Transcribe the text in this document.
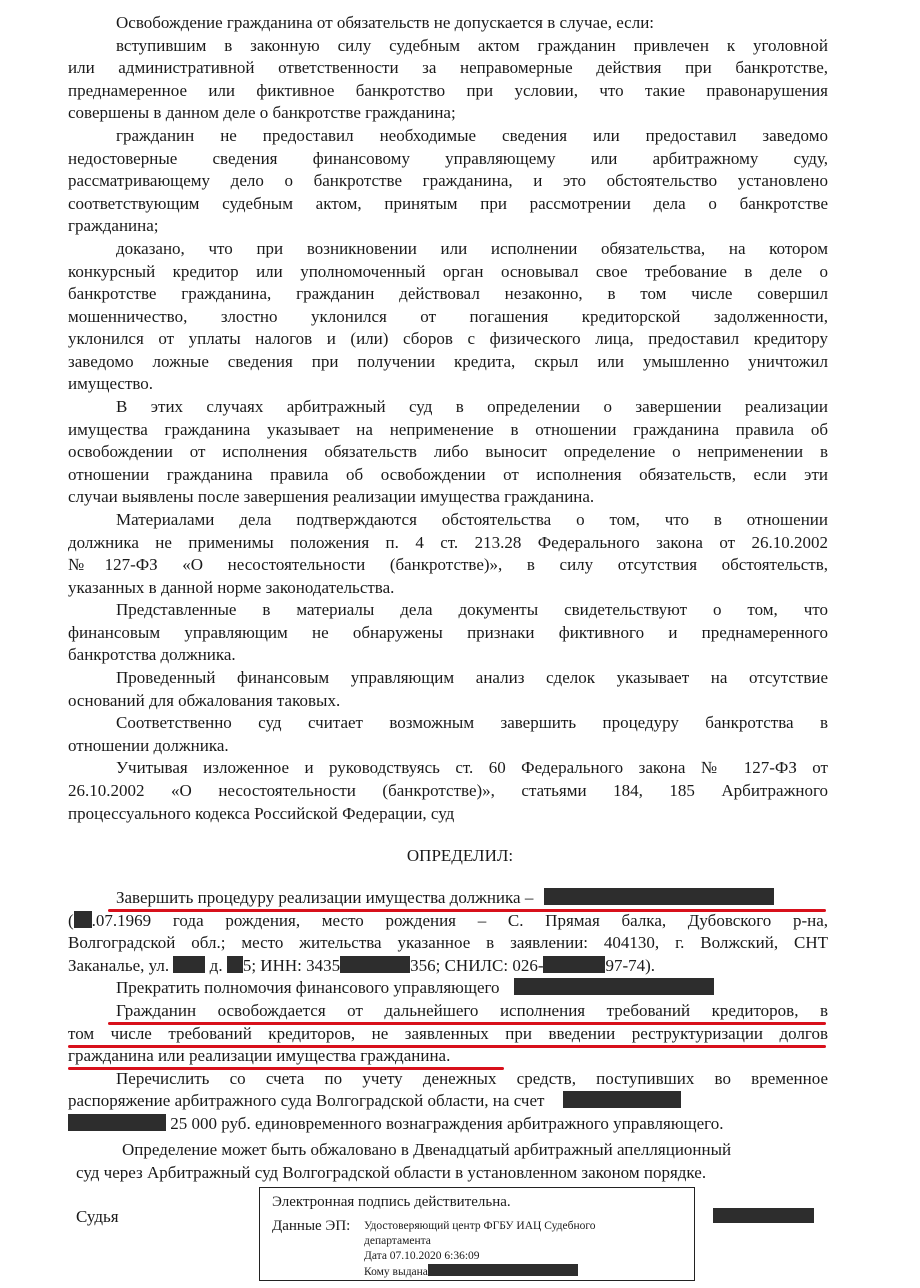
Освобождение гражданина от обязательств не допускается в случае, если:
вступившим в законную силу судебным актом гражданин привлечен к уголовной
или административной ответственности за неправомерные действия при банкротстве,
преднамеренное или фиктивное банкротство при условии, что такие правонарушения
совершены в данном деле о банкротстве гражданина;
гражданин не предоставил необходимые сведения или предоставил заведомо
недостоверные сведения финансовому управляющему или арбитражному суду,
рассматривающему дело о банкротстве гражданина, и это обстоятельство установлено
соответствующим судебным актом, принятым при рассмотрении дела о банкротстве
гражданина;
доказано, что при возникновении или исполнении обязательства, на котором
конкурсный кредитор или уполномоченный орган основывал свое требование в деле о
банкротстве гражданина, гражданин действовал незаконно, в том числе совершил
мошенничество, злостно уклонился от погашения кредиторской задолженности,
уклонился от уплаты налогов и (или) сборов с физического лица, предоставил кредитору
заведомо ложные сведения при получении кредита, скрыл или умышленно уничтожил
имущество.
В этих случаях арбитражный суд в определении о завершении реализации
имущества гражданина указывает на неприменение в отношении гражданина правила об
освобождении от исполнения обязательств либо выносит определение о неприменении в
отношении гражданина правила об освобождении от исполнения обязательств, если эти
случаи выявлены после завершения реализации имущества гражданина.
Материалами дела подтверждаются обстоятельства о том, что в отношении
должника не применимы положения п. 4 ст. 213.28 Федерального закона от 26.10.2002
№127-ФЗ «О несостоятельности (банкротстве)», в силу отсутствия обстоятельств,
указанных в данной норме законодательства.
Представленные в материалы дела документы свидетельствуют о том, что
финансовым управляющим не обнаружены признаки фиктивного и преднамеренного
банкротства должника.
Проведенный финансовым управляющим анализ сделок указывает на отсутствие
оснований для обжалования таковых.
Соответственно суд считает возможным завершить процедуру банкротства в
отношении должника.
Учитывая изложенное и руководствуясь ст. 60 Федерального закона № 127-ФЗ от
26.10.2002 «О несостоятельности (банкротстве)», статьями 184, 185 Арбитражного
процессуального кодекса Российской Федерации, суд
ОПРЕДЕЛИЛ:
Завершить процедуру реализации имущества должника –
( .07.1969 года рождения, место рождения – С. Прямая балка, Дубовского р-на,
Волгоградской обл.; место жительства указанное в заявлении: 404130, г. Волжский, СНТ
Заканалье, ул. д. 5; ИНН: 3435	356; СНИЛС: 026-	97-74).
Прекратить полномочия финансового управляющего
Гражданин освобождается от дальнейшего исполнения требований кредиторов, в
том числе требований кредиторов, не заявленных при введении реструктуризации долгов
гражданина или реализации имущества гражданина.
Перечислить со счета по учету денежных средств, поступивших во временное
распоряжение арбитражного суда Волгоградской области, на счет
25 000 руб. единовременного вознаграждения арбитражного управляющего.
Определение может быть обжаловано в Двенадцатый арбитражный апелляционный
суд через Арбитражный суд Волгоградской области в установленном законом порядке.
Судья
Электронная подпись действительна.
Данные ЭП: Удостоверяющий центр ФГБУ ИАЦ Судебного
департамента
Дата 07.10.2020 6:36:09
Кому выдана
